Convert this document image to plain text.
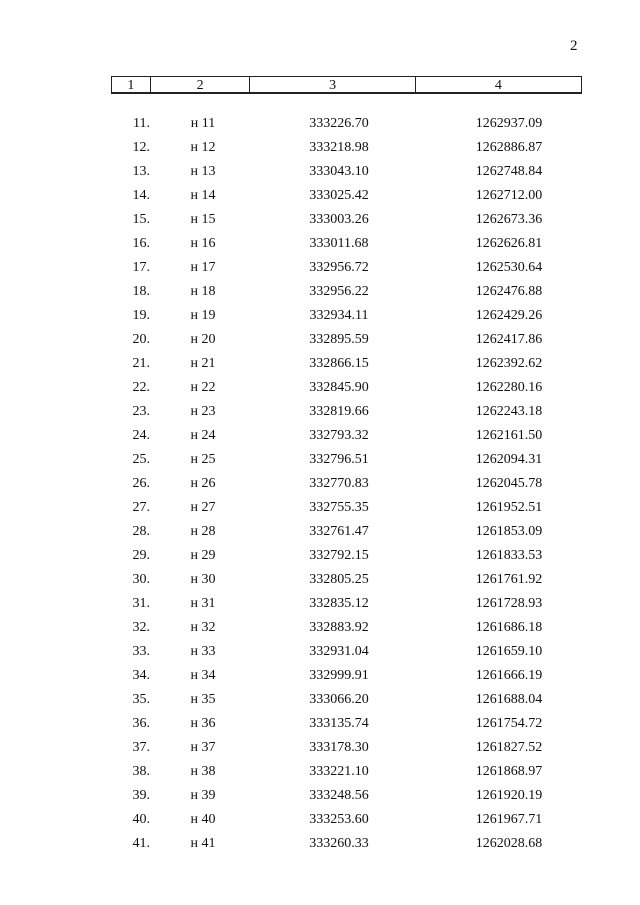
2
1	2	3	4
11.	н 11	333226.70	1262937.09
12.	н 12	333218.98	1262886.87
13.	н 13	333043.10	1262748.84
14.	н 14	333025.42	1262712.00
15.	н 15	333003.26	1262673.36
16.	н 16	333011.68	1262626.81
17.	н 17	332956.72	1262530.64
18.	н 18	332956.22	1262476.88
19.	н 19	332934.11	1262429.26
20.	н 20	332895.59	1262417.86
21.	н 21	332866.15	1262392.62
22.	н 22	332845.90	1262280.16
23.	н 23	332819.66	1262243.18
24.	н 24	332793.32	1262161.50
25.	н 25	332796.51	1262094.31
26.	н 26	332770.83	1262045.78
27.	н 27	332755.35	1261952.51
28.	н 28	332761.47	1261853.09
29.	н 29	332792.15	1261833.53
30.	н 30	332805.25	1261761.92
31.	н 31	332835.12	1261728.93
32.	н 32	332883.92	1261686.18
33.	н 33	332931.04	1261659.10
34.	н 34	332999.91	1261666.19
35.	н 35	333066.20	1261688.04
36.	н 36	333135.74	1261754.72
37.	н 37	333178.30	1261827.52
38.	н 38	333221.10	1261868.97
39.	н 39	333248.56	1261920.19
40.	н 40	333253.60	1261967.71
41.	н 41	333260.33	1262028.68
